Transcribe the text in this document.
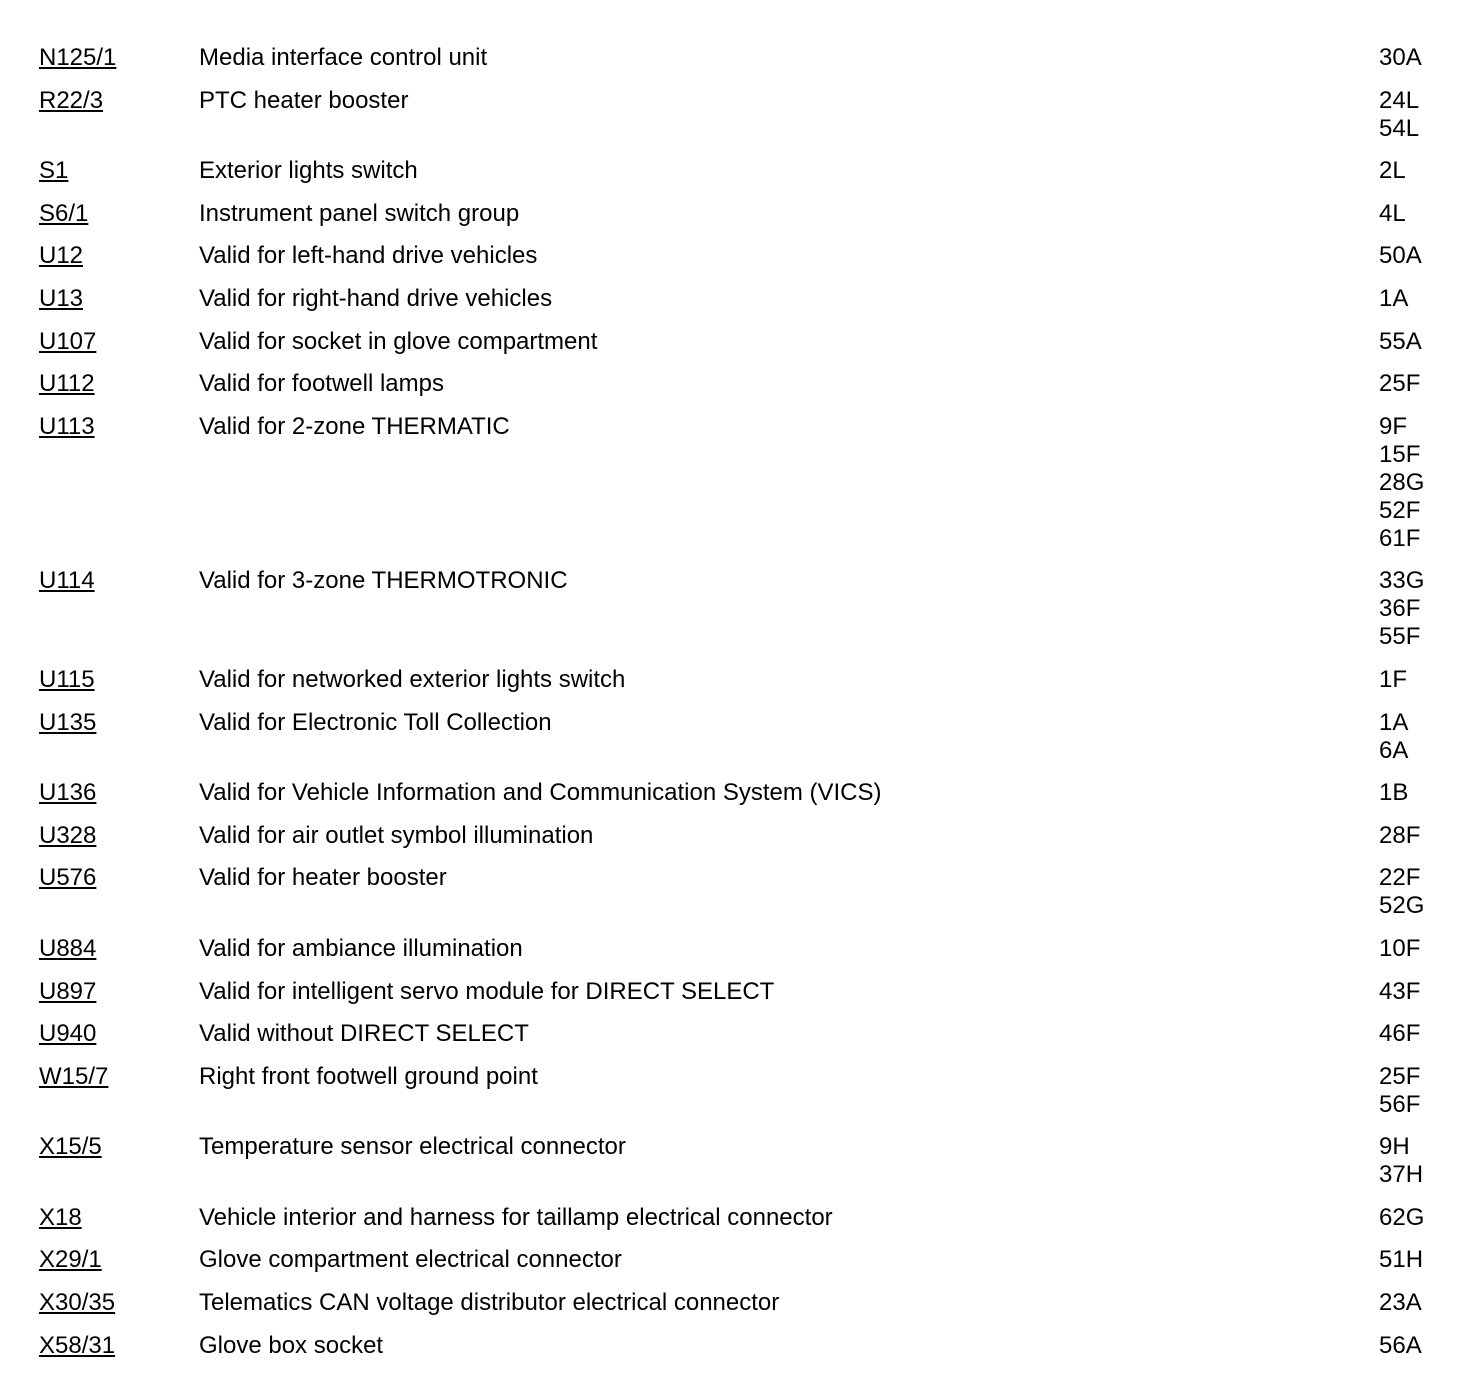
N125/1	Media interface control unit	30A
R22/3	PTC heater booster	24L
54L
S1	Exterior lights switch	2L
S6/1	Instrument panel switch group	4L
U12	Valid for left-hand drive vehicles	50A
U13	Valid for right-hand drive vehicles	1A
U107	Valid for socket in glove compartment	55A
U112	Valid for footwell lamps	25F
U113	Valid for 2-zone THERMATIC	9F
15F
28G
52F
61F
U114	Valid for 3-zone THERMOTRONIC	33G
36F
55F
U115	Valid for networked exterior lights switch	1F
U135	Valid for Electronic Toll Collection	1A
6A
U136	Valid for Vehicle Information and Communication System (VICS)	1B
U328	Valid for air outlet symbol illumination	28F
U576	Valid for heater booster	22F
52G
U884	Valid for ambiance illumination	10F
U897	Valid for intelligent servo module for DIRECT SELECT	43F
U940	Valid without DIRECT SELECT	46F
W15/7	Right front footwell ground point	25F
56F
X15/5	Temperature sensor electrical connector	9H
37H
X18	Vehicle interior and harness for taillamp electrical connector	62G
X29/1	Glove compartment electrical connector	51H
X30/35	Telematics CAN voltage distributor electrical connector	23A
X58/31	Glove box socket	56A
